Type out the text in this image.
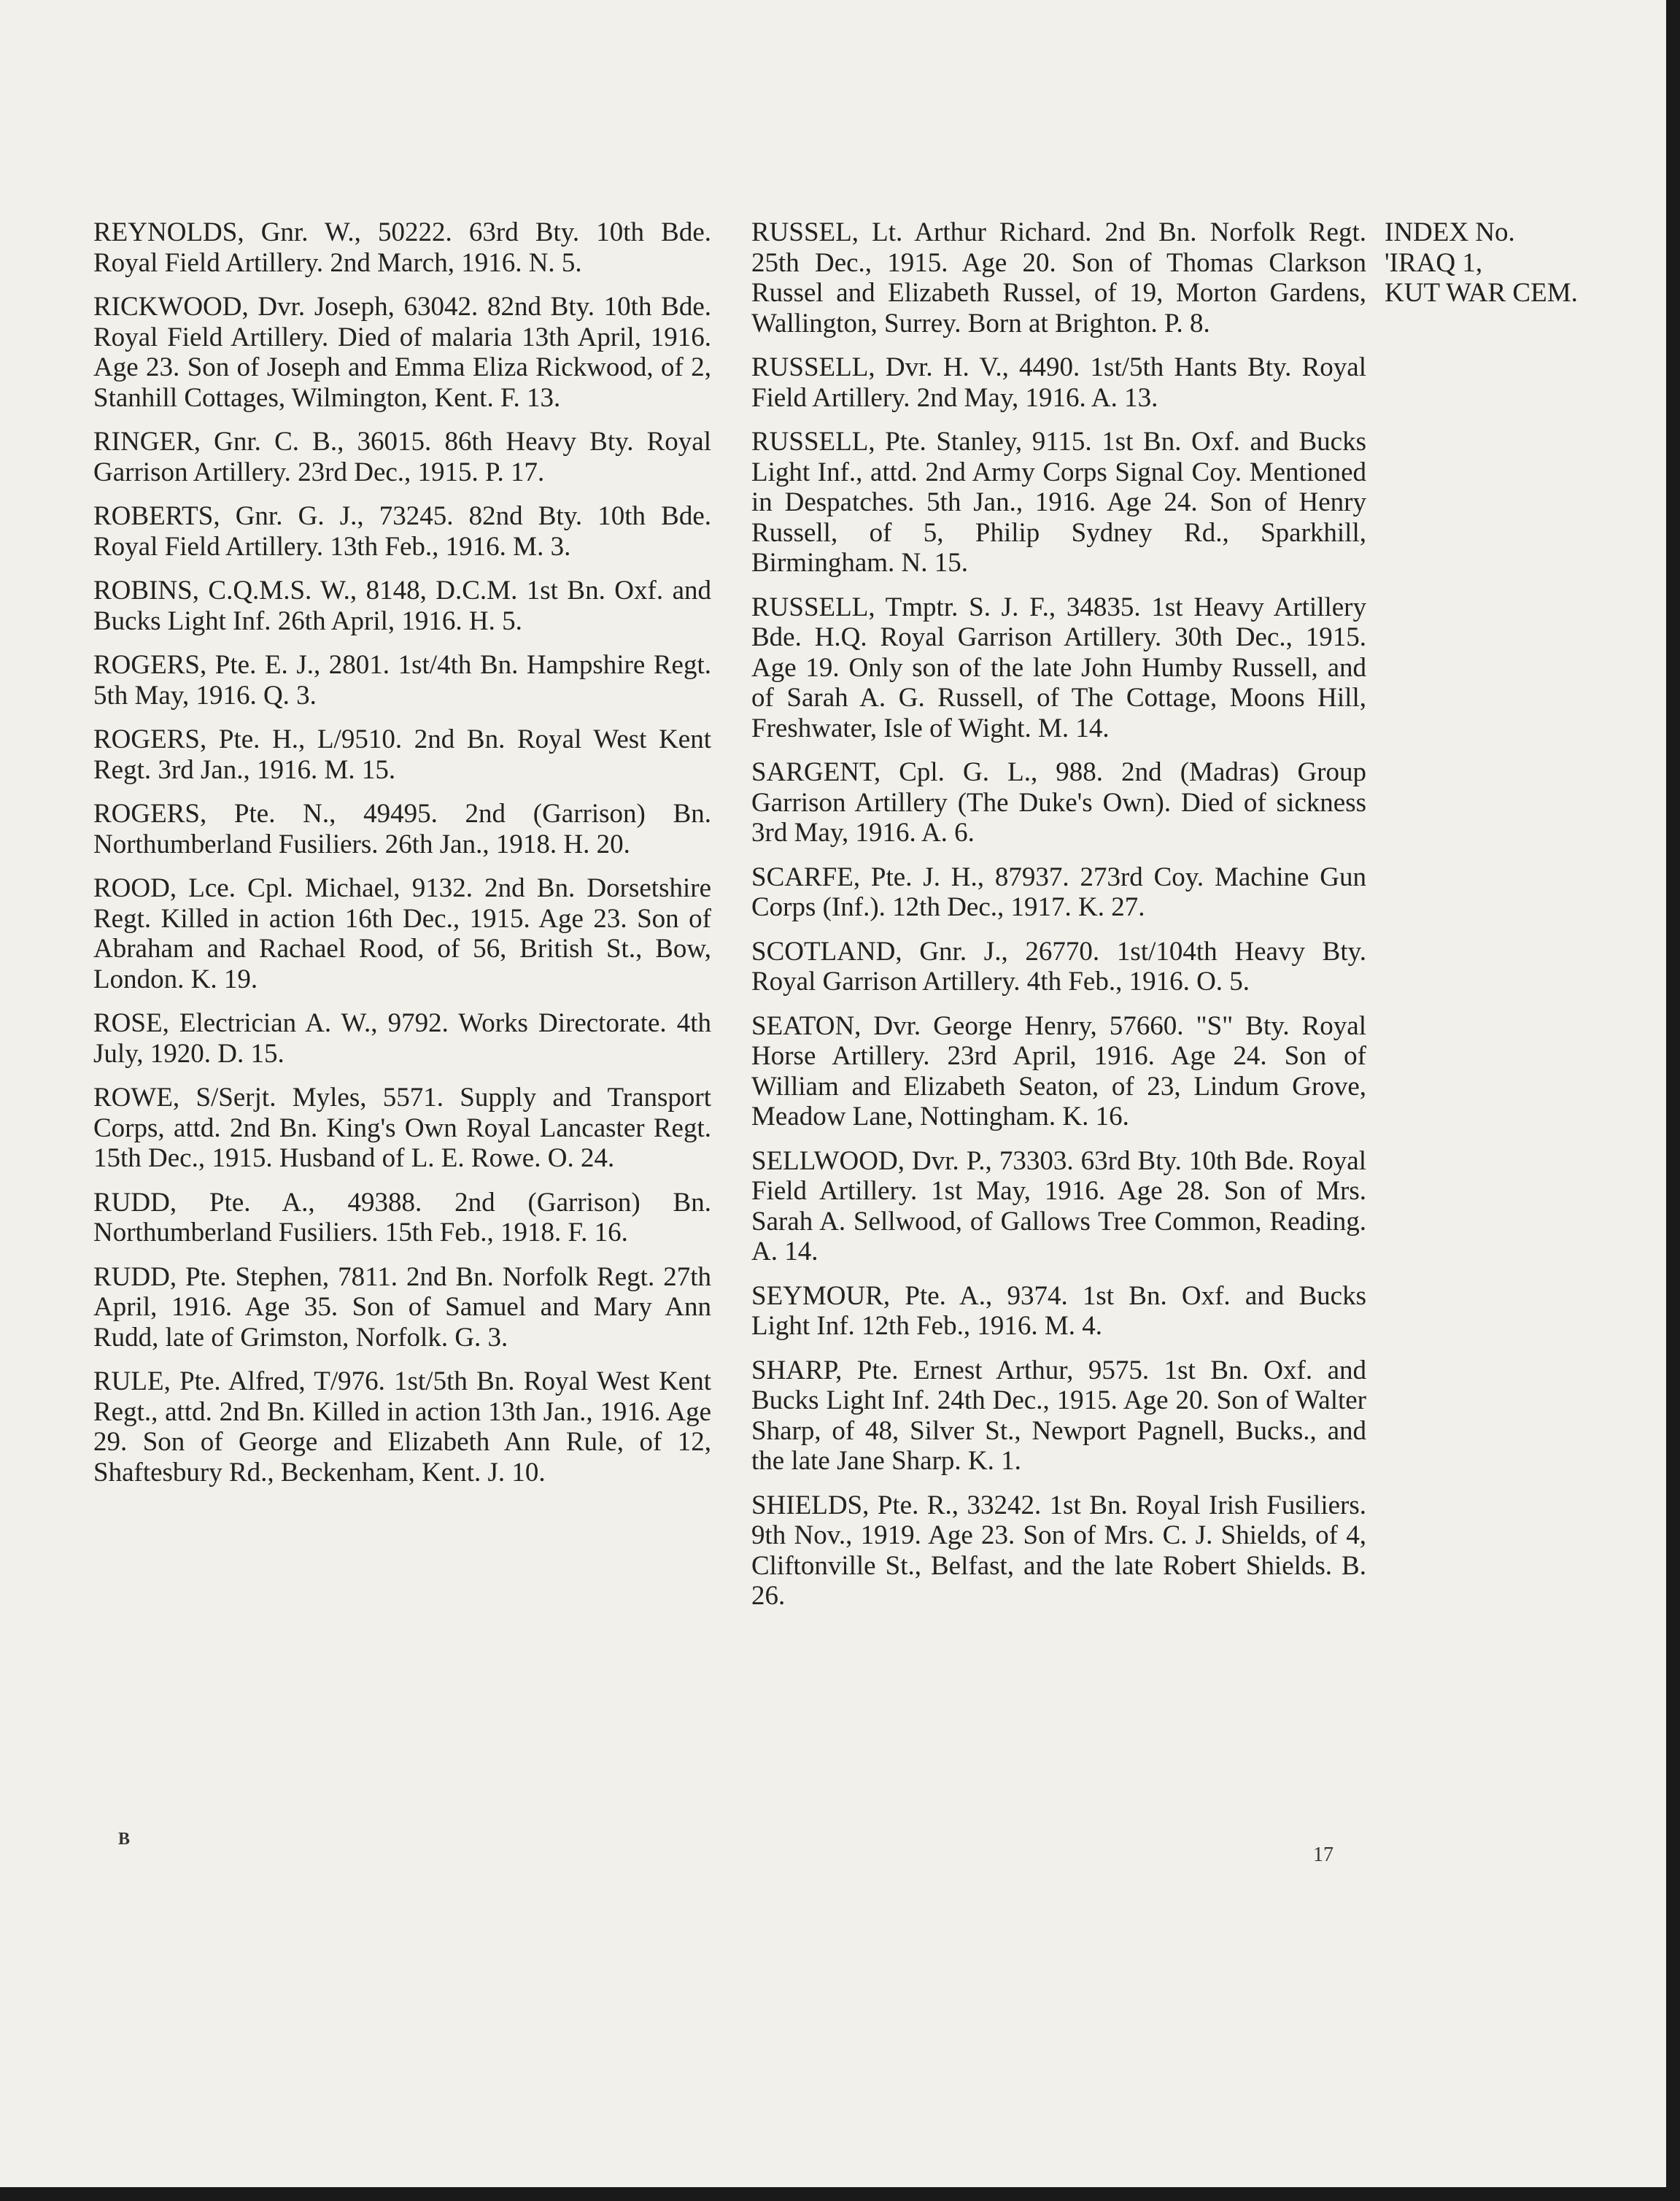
REYNOLDS, Gnr. W., 50222. 63rd Bty. 10th Bde. Royal Field Artillery. 2nd March, 1916. N. 5.

RICKWOOD, Dvr. Joseph, 63042. 82nd Bty. 10th Bde. Royal Field Artillery. Died of malaria 13th April, 1916. Age 23. Son of Joseph and Emma Eliza Rickwood, of 2, Stanhill Cottages, Wilmington, Kent. F. 13.

RINGER, Gnr. C. B., 36015. 86th Heavy Bty. Royal Garrison Artillery. 23rd Dec., 1915. P. 17.

ROBERTS, Gnr. G. J., 73245. 82nd Bty. 10th Bde. Royal Field Artillery. 13th Feb., 1916. M. 3.

ROBINS, C.Q.M.S. W., 8148, D.C.M. 1st Bn. Oxf. and Bucks Light Inf. 26th April, 1916. H. 5.

ROGERS, Pte. E. J., 2801. 1st/4th Bn. Hampshire Regt. 5th May, 1916. Q. 3.

ROGERS, Pte. H., L/9510. 2nd Bn. Royal West Kent Regt. 3rd Jan., 1916. M. 15.

ROGERS, Pte. N., 49495. 2nd (Garrison) Bn. Northumberland Fusiliers. 26th Jan., 1918. H. 20.

ROOD, Lce. Cpl. Michael, 9132. 2nd Bn. Dorsetshire Regt. Killed in action 16th Dec., 1915. Age 23. Son of Abraham and Rachael Rood, of 56, British St., Bow, London. K. 19.

ROSE, Electrician A. W., 9792. Works Directorate. 4th July, 1920. D. 15.

ROWE, S/Serjt. Myles, 5571. Supply and Transport Corps, attd. 2nd Bn. King's Own Royal Lancaster Regt. 15th Dec., 1915. Husband of L. E. Rowe. O. 24.

RUDD, Pte. A., 49388. 2nd (Garrison) Bn. Northumberland Fusiliers. 15th Feb., 1918. F. 16.

RUDD, Pte. Stephen, 7811. 2nd Bn. Norfolk Regt. 27th April, 1916. Age 35. Son of Samuel and Mary Ann Rudd, late of Grimston, Norfolk. G. 3.

RULE, Pte. Alfred, T/976. 1st/5th Bn. Royal West Kent Regt., attd. 2nd Bn. Killed in action 13th Jan., 1916. Age 29. Son of George and Elizabeth Ann Rule, of 12, Shaftesbury Rd., Beckenham, Kent. J. 10.

RUSSEL, Lt. Arthur Richard. 2nd Bn. Norfolk Regt. 25th Dec., 1915. Age 20. Son of Thomas Clarkson Russel and Elizabeth Russel, of 19, Morton Gardens, Wallington, Surrey. Born at Brighton. P. 8.

RUSSELL, Dvr. H. V., 4490. 1st/5th Hants Bty. Royal Field Artillery. 2nd May, 1916. A. 13.

RUSSELL, Pte. Stanley, 9115. 1st Bn. Oxf. and Bucks Light Inf., attd. 2nd Army Corps Signal Coy. Mentioned in Despatches. 5th Jan., 1916. Age 24. Son of Henry Russell, of 5, Philip Sydney Rd., Sparkhill, Birmingham. N. 15.

RUSSELL, Tmptr. S. J. F., 34835. 1st Heavy Artillery Bde. H.Q. Royal Garrison Artillery. 30th Dec., 1915. Age 19. Only son of the late John Humby Russell, and of Sarah A. G. Russell, of The Cottage, Moons Hill, Freshwater, Isle of Wight. M. 14.

SARGENT, Cpl. G. L., 988. 2nd (Madras) Group Garrison Artillery (The Duke's Own). Died of sickness 3rd May, 1916. A. 6.

SCARFE, Pte. J. H., 87937. 273rd Coy. Machine Gun Corps (Inf.). 12th Dec., 1917. K. 27.

SCOTLAND, Gnr. J., 26770. 1st/104th Heavy Bty. Royal Garrison Artillery. 4th Feb., 1916. O. 5.

SEATON, Dvr. George Henry, 57660. "S" Bty. Royal Horse Artillery. 23rd April, 1916. Age 24. Son of William and Elizabeth Seaton, of 23, Lindum Grove, Meadow Lane, Nottingham. K. 16.

SELLWOOD, Dvr. P., 73303. 63rd Bty. 10th Bde. Royal Field Artillery. 1st May, 1916. Age 28. Son of Mrs. Sarah A. Sellwood, of Gallows Tree Common, Reading. A. 14.

SEYMOUR, Pte. A., 9374. 1st Bn. Oxf. and Bucks Light Inf. 12th Feb., 1916. M. 4.

SHARP, Pte. Ernest Arthur, 9575. 1st Bn. Oxf. and Bucks Light Inf. 24th Dec., 1915. Age 20. Son of Walter Sharp, of 48, Silver St., Newport Pagnell, Bucks., and the late Jane Sharp. K. 1.

SHIELDS, Pte. R., 33242. 1st Bn. Royal Irish Fusiliers. 9th Nov., 1919. Age 23. Son of Mrs. C. J. Shields, of 4, Cliftonville St., Belfast, and the late Robert Shields. B. 26.

INDEX No.
'IRAQ 1,
KUT WAR CEM.
B
17
